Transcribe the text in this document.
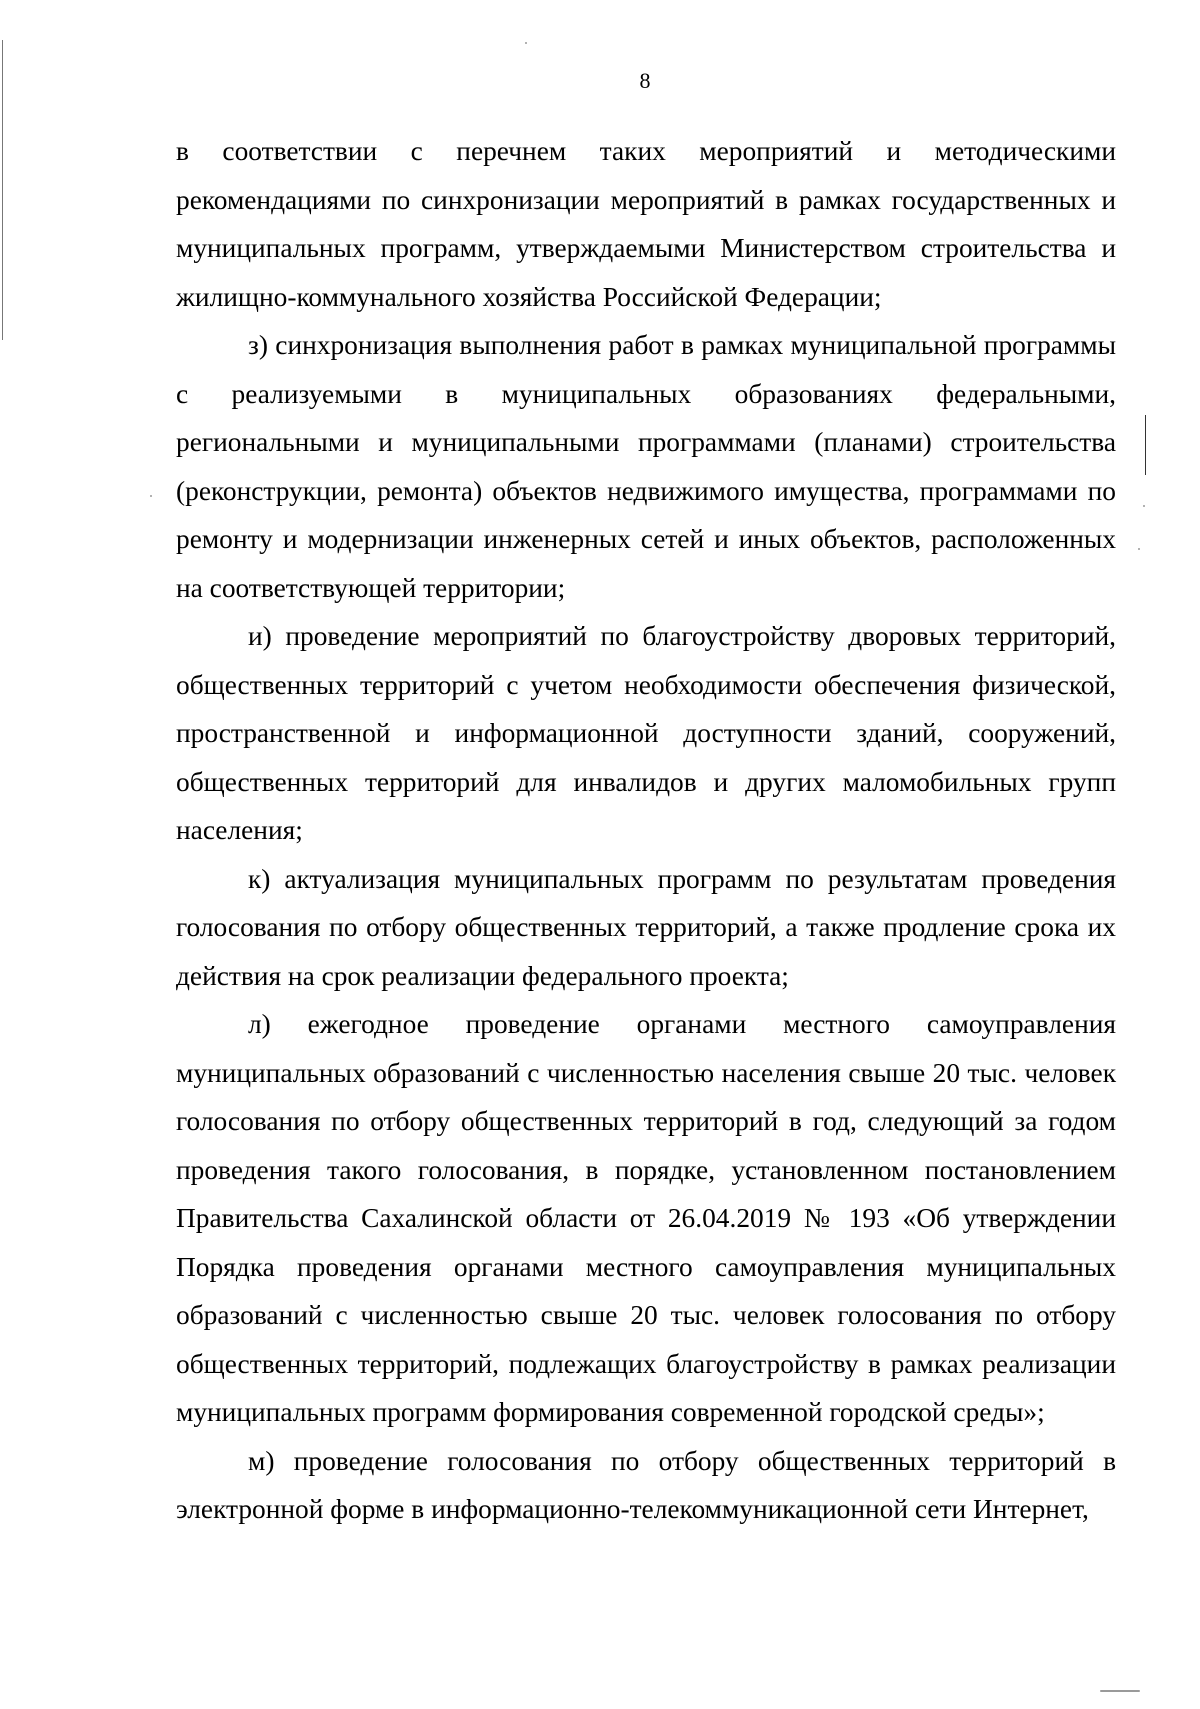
8

в соответствии с перечнем таких мероприятий и методическими рекомендациями по синхронизации мероприятий в рамках государственных и муниципальных программ, утверждаемыми Министерством строительства и жилищно-коммунального хозяйства Российской Федерации;

з) синхронизация выполнения работ в рамках муниципальной программы с реализуемыми в муниципальных образованиях федеральными, региональными и муниципальными программами (планами) строительства (реконструкции, ремонта) объектов недвижимого имущества, программами по ремонту и модернизации инженерных сетей и иных объектов, расположенных на соответствующей территории;

и) проведение мероприятий по благоустройству дворовых территорий, общественных территорий с учетом необходимости обеспечения физической, пространственной и информационной доступности зданий, сооружений, общественных территорий для инвалидов и других маломобильных групп населения;

к) актуализация муниципальных программ по результатам проведения голосования по отбору общественных территорий, а также продление срока их действия на срок реализации федерального проекта;

л) ежегодное проведение органами местного самоуправления муниципальных образований с численностью населения свыше 20 тыс. человек голосования по отбору общественных территорий в год, следующий за годом проведения такого голосования, в порядке, установленном постановлением Правительства Сахалинской области от 26.04.2019 № 193 «Об утверждении Порядка проведения органами местного самоуправления муниципальных образований с численностью свыше 20 тыс. человек голосования по отбору общественных территорий, подлежащих благоустройству в рамках реализации муниципальных программ формирования современной городской среды»;

м) проведение голосования по отбору общественных территорий в электронной форме в информационно-телекоммуникационной сети Интернет,
